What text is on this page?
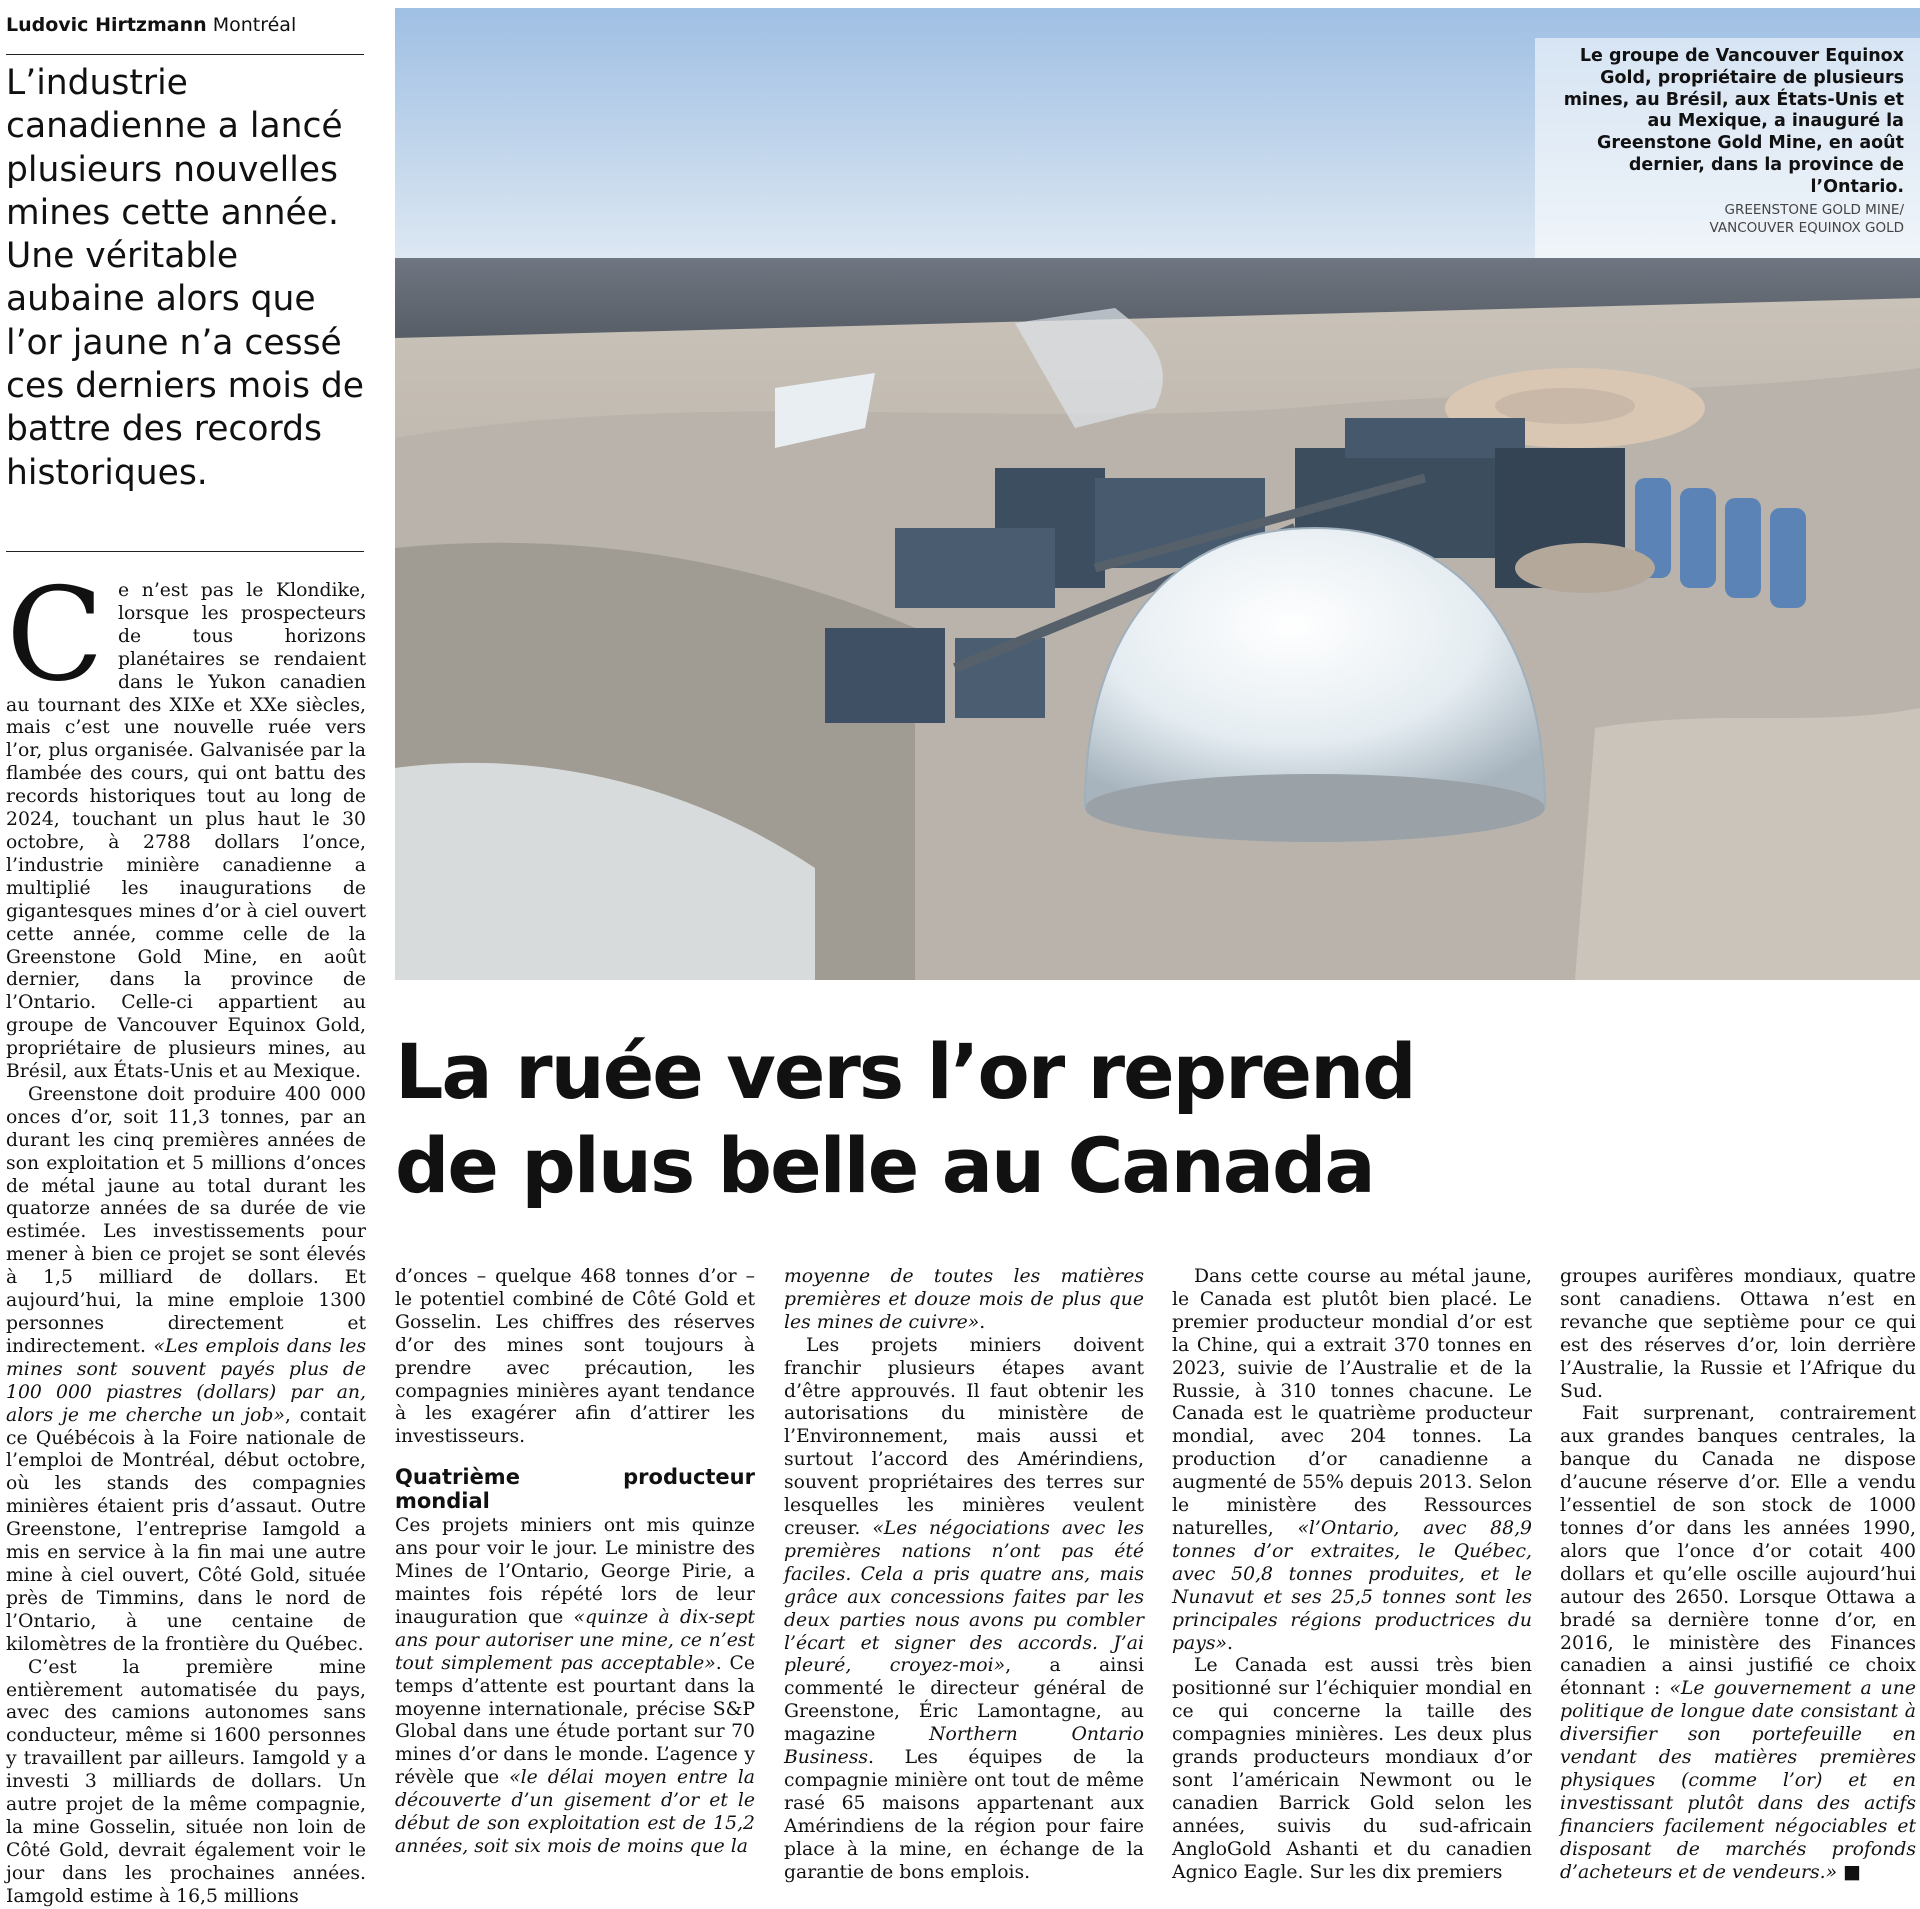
Ludovic Hirtzmann Montréal

L’industrie canadienne a lancé plusieurs nouvelles mines cette année. Une véritable aubaine alors que l’or jaune n’a cessé ces derniers mois de battre des records historiques.

Le groupe de Vancouver Equinox Gold, propriétaire de plusieurs mines, au Brésil, aux États-Unis et au Mexique, a inauguré la Greenstone Gold Mine, en août dernier, dans la province de l’Ontario.
GREENSTONE GOLD MINE/
VANCOUVER EQUINOX GOLD
La ruée vers l’or reprend
de plus belle au Canada

Ce n’est pas le Klondike, lorsque les prospecteurs de tous horizons planétaires se rendaient dans le Yukon canadien au tournant des XIXe et XXe siècles, mais c’est une nouvelle ruée vers l’or, plus organisée. Galvanisée par la flambée des cours, qui ont battu des records historiques tout au long de 2024, touchant un plus haut le 30 octobre, à 2788 dollars l’once, l’industrie minière canadienne a multiplié les inaugurations de gigantesques mines d’or à ciel ouvert cette année, comme celle de la Greenstone Gold Mine, en août dernier, dans la province de l’Ontario. Celle-ci appartient au groupe de Vancouver Equinox Gold, propriétaire de plusieurs mines, au Brésil, aux États-Unis et au Mexique.

Greenstone doit produire 400 000 onces d’or, soit 11,3 tonnes, par an durant les cinq premières années de son exploitation et 5 millions d’onces de métal jaune au total durant les quatorze années de sa durée de vie estimée. Les investissements pour mener à bien ce projet se sont élevés à 1,5 milliard de dollars. Et aujourd’hui, la mine emploie 1300 personnes directement et indirectement. «Les emplois dans les mines sont souvent payés plus de 100 000 piastres (dollars) par an, alors je me cherche un job», contait ce Québécois à la Foire nationale de l’emploi de Montréal, début octobre, où les stands des compagnies minières étaient pris d’assaut. Outre Greenstone, l’entreprise Iamgold a mis en service à la fin mai une autre mine à ciel ouvert, Côté Gold, située près de Timmins, dans le nord de l’Ontario, à une centaine de kilomètres de la frontière du Québec.

C’est la première mine entièrement automatisée du pays, avec des camions autonomes sans conducteur, même si 1600 personnes y travaillent par ailleurs. Iamgold y a investi 3 milliards de dollars. Un autre projet de la même compagnie, la mine Gosselin, située non loin de Côté Gold, devrait également voir le jour dans les prochaines années. Iamgold estime à 16,5 millions

d’onces – quelque 468 tonnes d’or – le potentiel combiné de Côté Gold et Gosselin. Les chiffres des réserves d’or des mines sont toujours à prendre avec précaution, les compagnies minières ayant tendance à les exagérer afin d’attirer les investisseurs.

Quatrième producteur mondial

Ces projets miniers ont mis quinze ans pour voir le jour. Le ministre des Mines de l’Ontario, George Pirie, a maintes fois répété lors de leur inauguration que «quinze à dix-sept ans pour autoriser une mine, ce n’est tout simplement pas acceptable». Ce temps d’attente est pourtant dans la moyenne internationale, précise S&P Global dans une étude portant sur 70 mines d’or dans le monde. L’agence y révèle que «le délai moyen entre la découverte d’un gisement d’or et le début de son exploitation est de 15,2 années, soit six mois de moins que la

moyenne de toutes les matières premières et douze mois de plus que les mines de cuivre».

Les projets miniers doivent franchir plusieurs étapes avant d’être approuvés. Il faut obtenir les autorisations du ministère de l’Environnement, mais aussi et surtout l’accord des Amérindiens, souvent propriétaires des terres sur lesquelles les minières veulent creuser. «Les négociations avec les premières nations n’ont pas été faciles. Cela a pris quatre ans, mais grâce aux concessions faites par les deux parties nous avons pu combler l’écart et signer des accords. J’ai pleuré, croyez-moi», a ainsi commenté le directeur général de Greenstone, Éric Lamontagne, au magazine Northern Ontario Business. Les équipes de la compagnie minière ont tout de même rasé 65 maisons appartenant aux Amérindiens de la région pour faire place à la mine, en échange de la garantie de bons emplois.

Dans cette course au métal jaune, le Canada est plutôt bien placé. Le premier producteur mondial d’or est la Chine, qui a extrait 370 tonnes en 2023, suivie de l’Australie et de la Russie, à 310 tonnes chacune. Le Canada est le quatrième producteur mondial, avec 204 tonnes. La production d’or canadienne a augmenté de 55% depuis 2013. Selon le ministère des Ressources naturelles, «l’Ontario, avec 88,9 tonnes d’or extraites, le Québec, avec 50,8 tonnes produites, et le Nunavut et ses 25,5 tonnes sont les principales régions productrices du pays».

Le Canada est aussi très bien positionné sur l’échiquier mondial en ce qui concerne la taille des compagnies minières. Les deux plus grands producteurs mondiaux d’or sont l’américain Newmont ou le canadien Barrick Gold selon les années, suivis du sud-africain AngloGold Ashanti et du canadien Agnico Eagle. Sur les dix premiers

groupes aurifères mondiaux, quatre sont canadiens. Ottawa n’est en revanche que septième pour ce qui est des réserves d’or, loin derrière l’Australie, la Russie et l’Afrique du Sud.

Fait surprenant, contrairement aux grandes banques centrales, la banque du Canada ne dispose d’aucune réserve d’or. Elle a vendu l’essentiel de son stock de 1000 tonnes d’or dans les années 1990, alors que l’once d’or cotait 400 dollars et qu’elle oscille aujourd’hui autour des 2650. Lorsque Ottawa a bradé sa dernière tonne d’or, en 2016, le ministère des Finances canadien a ainsi justifié ce choix étonnant : «Le gouvernement a une politique de longue date consistant à diversifier son portefeuille en vendant des matières premières physiques (comme l’or) et en investissant plutôt dans des actifs financiers facilement négociables et disposant de marchés profonds d’acheteurs et de vendeurs.» ■
